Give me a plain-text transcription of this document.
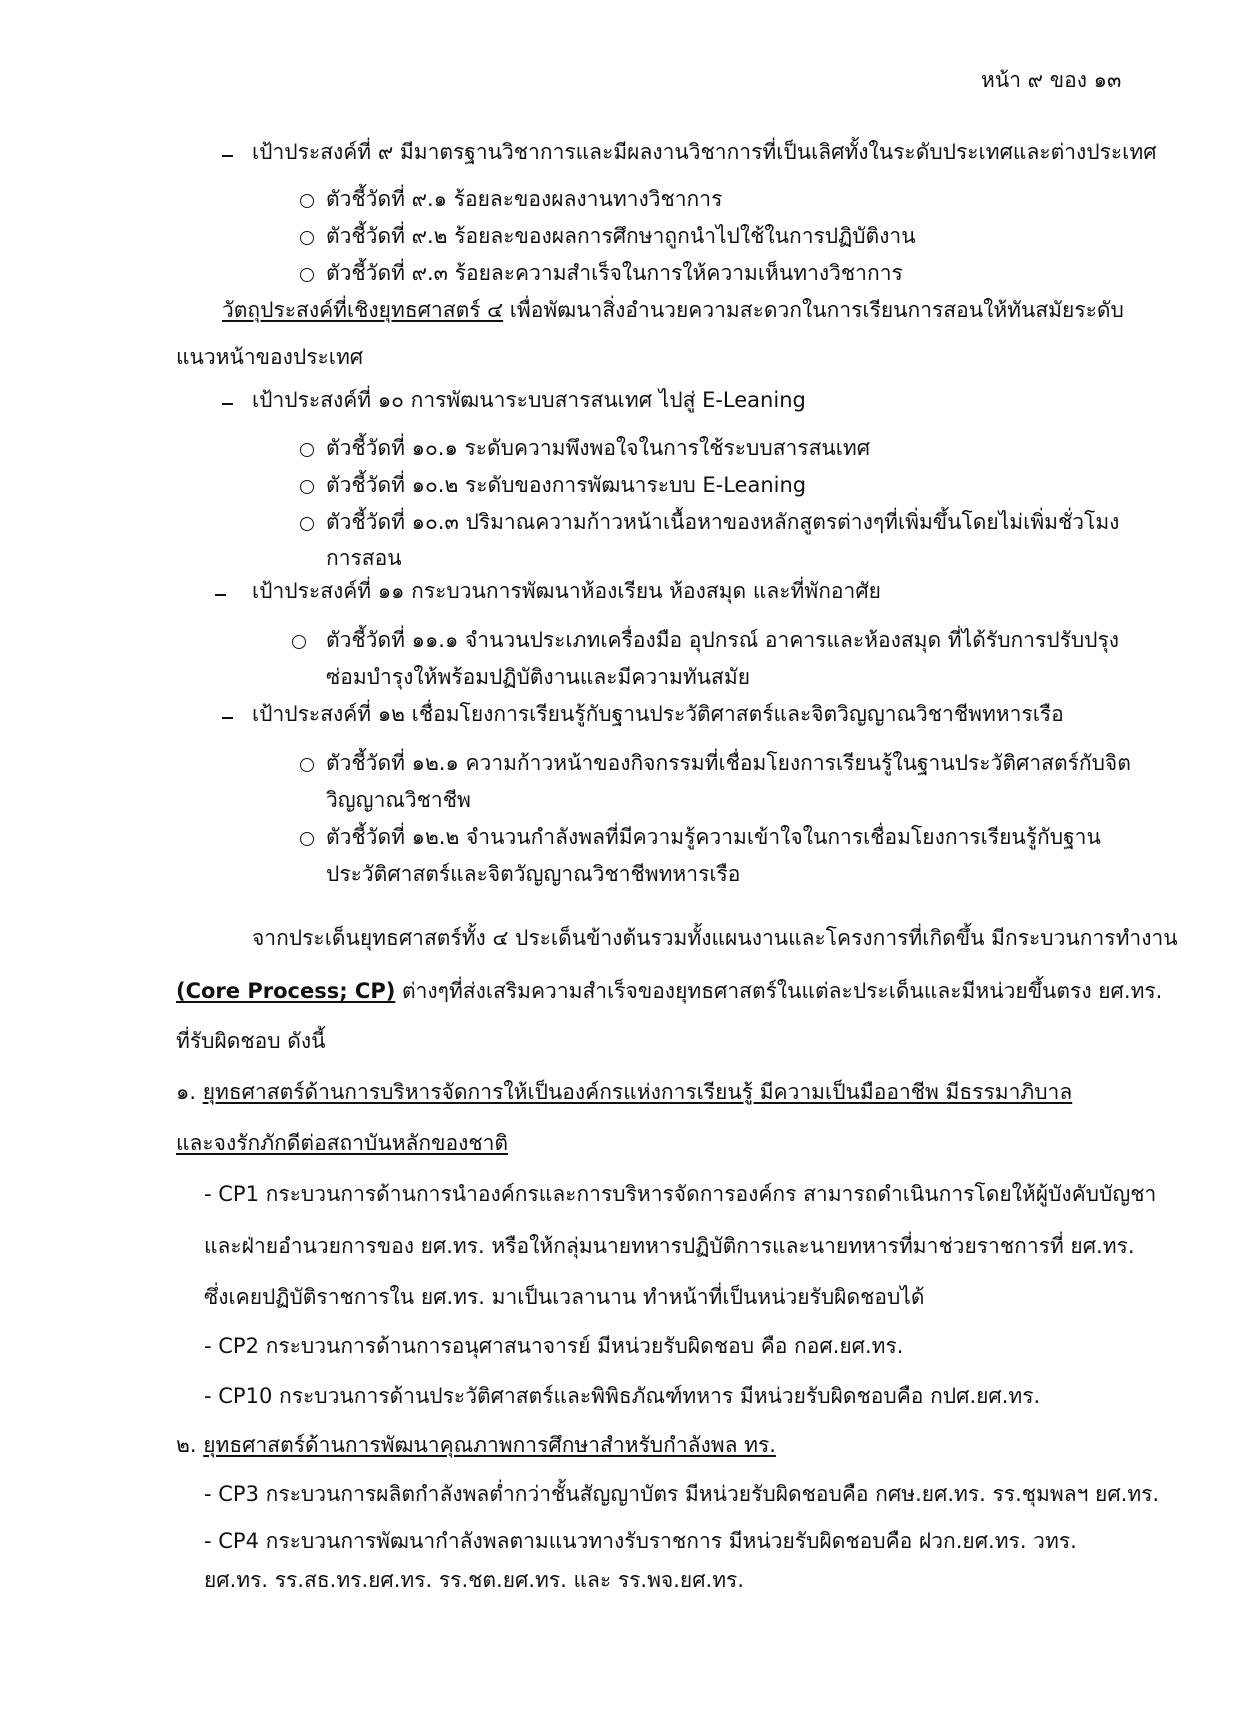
หน้า ๙ ของ ๑๓
เป้าประสงค์ที่ ๙ มีมาตรฐานวิชาการและมีผลงานวิชาการที่เป็นเลิศทั้งในระดับประเทศและต่างประเทศ
ตัวชี้วัดที่ ๙.๑ ร้อยละของผลงานทางวิชาการ
ตัวชี้วัดที่ ๙.๒ ร้อยละของผลการศึกษาถูกนำไปใช้ในการปฏิบัติงาน
ตัวชี้วัดที่ ๙.๓ ร้อยละความสำเร็จในการให้ความเห็นทางวิชาการ
วัตถุประสงค์ที่เชิงยุทธศาสตร์ ๔ เพื่อพัฒนาสิ่งอำนวยความสะดวกในการเรียนการสอนให้ทันสมัยระดับ
แนวหน้าของประเทศ
เป้าประสงค์ที่ ๑๐ การพัฒนาระบบสารสนเทศ ไปสู่ E-Leaning
ตัวชี้วัดที่ ๑๐.๑ ระดับความพึงพอใจในการใช้ระบบสารสนเทศ
ตัวชี้วัดที่ ๑๐.๒ ระดับของการพัฒนาระบบ E-Leaning
ตัวชี้วัดที่ ๑๐.๓ ปริมาณความก้าวหน้าเนื้อหาของหลักสูตรต่างๆที่เพิ่มขึ้นโดยไม่เพิ่มชั่วโมง
การสอน
เป้าประสงค์ที่ ๑๑ กระบวนการพัฒนาห้องเรียน ห้องสมุด และที่พักอาศัย
ตัวชี้วัดที่ ๑๑.๑ จำนวนประเภทเครื่องมือ อุปกรณ์ อาคารและห้องสมุด ที่ได้รับการปรับปรุง
ซ่อมบำรุงให้พร้อมปฏิบัติงานและมีความทันสมัย
เป้าประสงค์ที่ ๑๒ เชื่อมโยงการเรียนรู้กับฐานประวัติศาสตร์และจิตวิญญาณวิชาชีพทหารเรือ
ตัวชี้วัดที่ ๑๒.๑ ความก้าวหน้าของกิจกรรมที่เชื่อมโยงการเรียนรู้ในฐานประวัติศาสตร์กับจิต
วิญญาณวิชาชีพ
ตัวชี้วัดที่ ๑๒.๒ จำนวนกำลังพลที่มีความรู้ความเข้าใจในการเชื่อมโยงการเรียนรู้กับฐาน
ประวัติศาสตร์และจิตวัญญาณวิชาชีพทหารเรือ
จากประเด็นยุทธศาสตร์ทั้ง ๔ ประเด็นข้างต้นรวมทั้งแผนงานและโครงการที่เกิดขึ้น มีกระบวนการทำงาน
(Core Process; CP) ต่างๆที่ส่งเสริมความสำเร็จของยุทธศาสตร์ในแต่ละประเด็นและมีหน่วยขึ้นตรง ยศ.ทร.
ที่รับผิดชอบ ดังนี้
๑. ยุทธศาสตร์ด้านการบริหารจัดการให้เป็นองค์กรแห่งการเรียนรู้ มีความเป็นมืออาชีพ มีธรรมาภิบาล
และจงรักภักดีต่อสถาบันหลักของชาติ
- CP1 กระบวนการด้านการนำองค์กรและการบริหารจัดการองค์กร สามารถดำเนินการโดยให้ผู้บังคับบัญชา
และฝ่ายอำนวยการของ ยศ.ทร. หรือให้กลุ่มนายทหารปฏิบัติการและนายทหารที่มาช่วยราชการที่ ยศ.ทร.
ซึ่งเคยปฏิบัติราชการใน ยศ.ทร. มาเป็นเวลานาน ทำหน้าที่เป็นหน่วยรับผิดชอบได้
- CP2 กระบวนการด้านการอนุศาสนาจารย์ มีหน่วยรับผิดชอบ คือ กอศ.ยศ.ทร.
- CP10 กระบวนการด้านประวัติศาสตร์และพิพิธภัณฑ์ทหาร มีหน่วยรับผิดชอบคือ กปศ.ยศ.ทร.
๒. ยุทธศาสตร์ด้านการพัฒนาคุณภาพการศึกษาสำหรับกำลังพล ทร.
- CP3 กระบวนการผลิตกำลังพลต่ำกว่าชั้นสัญญาบัตร มีหน่วยรับผิดชอบคือ กศษ.ยศ.ทร. รร.ชุมพลฯ ยศ.ทร.
- CP4 กระบวนการพัฒนากำลังพลตามแนวทางรับราชการ มีหน่วยรับผิดชอบคือ ฝวก.ยศ.ทร. วทร.
ยศ.ทร. รร.สธ.ทร.ยศ.ทร. รร.ชต.ยศ.ทร. และ รร.พจ.ยศ.ทร.
